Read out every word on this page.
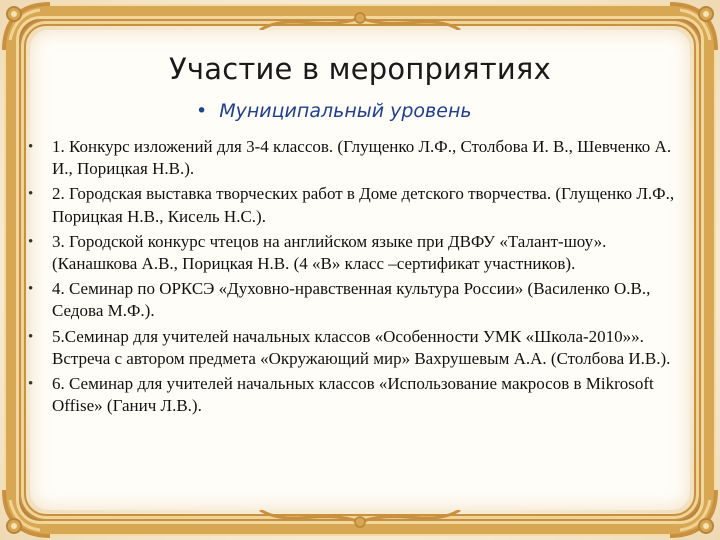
Участие в мероприятиях
• Муниципальный уровень
• 1. Конкурс изложений для 3-4 классов. (Глущенко Л.Ф., Столбова И. В., Шевченко А. И., Порицкая Н.В.).
• 2. Городская выставка творческих работ в Доме детского творчества. (Глущенко Л.Ф., Порицкая Н.В., Кисель Н.С.).
• 3. Городской конкурс чтецов на английском языке при ДВФУ «Талант-шоу». (Канашкова А.В., Порицкая Н.В. (4 «В» класс –сертификат участников).
• 4. Семинар по ОРКСЭ «Духовно-нравственная культура России» (Василенко О.В., Седова М.Ф.).
• 5.Семинар для учителей начальных классов «Особенности УМК «Школа-2010»». Встреча с автором предмета «Окружающий мир» Вахрушевым А.А. (Столбова И.В.).
• 6. Семинар для учителей начальных классов «Использование макросов в Mikrosoft Offise» (Ганич Л.В.).
